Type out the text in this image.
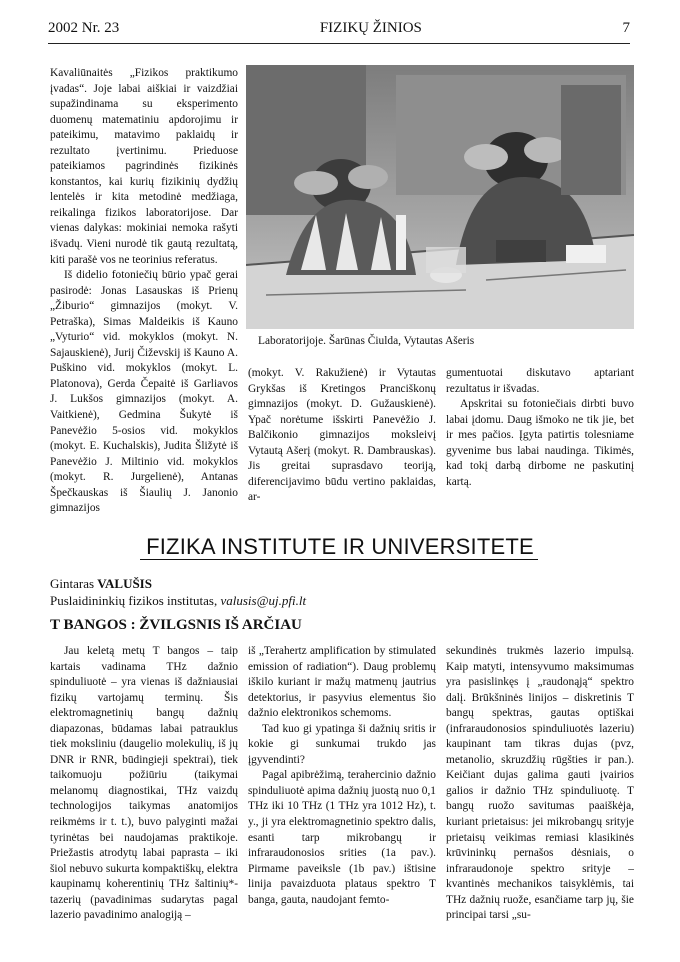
2002 Nr. 23	FIZIKŲ ŽINIOS	7

Kavaliūnaitės „Fizikos praktikumo įvadas“. Joje labai aiškiai ir vaizdžiai supažindinama su eksperimento duomenų matematiniu apdorojimu ir pateikimu, matavimo paklaidų ir rezultato įvertinimu. Prieduose pateikiamos pagrindinės fizikinės konstantos, kai kurių fizikinių dydžių lentelės ir kita metodinė medžiaga, reikalinga fizikos laboratorijose. Dar vienas dalykas: mokiniai nemoka rašyti išvadų. Vieni nurodė tik gautą rezultatą, kiti parašė vos ne teorinius referatus.

Iš didelio fotoniečių būrio ypač gerai pasirodė: Jonas Lasauskas iš Prienų „Žiburio“ gimnazijos (mokyt. V. Petraška), Simas Maldeikis iš Kauno „Vyturio“ vid. mokyklos (mokyt. N. Sajauskienė), Jurij Čiževskij iš Kauno A. Puškino vid. mokyklos (mokyt. L. Platonova), Gerda Čepaitė iš Garliavos J. Lukšos gimnazijos (mokyt. A. Vaitkienė), Gedmina Šukytė iš Panevėžio 5-osios vid. mokyklos (mokyt. E. Kuchalskis), Judita Šližytė iš Panevėžio J. Miltinio vid. mokyklos (mokyt. R. Jurgelienė), Antanas Špečkauskas iš Šiaulių J. Janonio gimnazijos

Laboratorijoje. Šarūnas Čiulda, Vytautas Ašeris

(mokyt. V. Rakužienė) ir Vytautas Grykšas iš Kretingos Pranciškonų gimnazijos (mokyt. D. Gužauskienė). Ypač norėtume išskirti Panevėžio J. Balčikonio gimnazijos moksleivį Vytautą Ašerį (mokyt. R. Dambrauskas). Jis greitai suprasdavo teoriją, diferencijavimo būdu vertino paklaidas, ar-

gumentuotai diskutavo aptariant rezultatus ir išvadas.

Apskritai su fotoniečiais dirbti buvo labai įdomu. Daug išmoko ne tik jie, bet ir mes pačios. Įgyta patirtis tolesniame gyvenime bus labai naudinga. Tikimės, kad tokį darbą dirbome ne paskutinį kartą.

FIZIKA INSTITUTE IR UNIVERSITETE
Gintaras VALUŠIS
Puslaidininkių fizikos institutas, valusis@uj.pfi.lt
T BANGOS : ŽVILGSNIS IŠ ARČIAU

Jau keletą metų T bangos – taip kartais vadinama THz dažnio spinduliuotė – yra vienas iš dažniausiai fizikų vartojamų terminų. Šis elektromagnetinių bangų dažnių diapazonas, būdamas labai patrauklus tiek moksliniu (daugelio molekulių, iš jų DNR ir RNR, būdingieji spektrai), tiek taikomuoju požiūriu (taikymai melanomų diagnostikai, THz vaizdų technologijos taikymas anatomijos reikmėms ir t. t.), buvo palyginti mažai tyrinėtas bei naudojamas praktikoje. Priežastis atrodytų labai paprasta – iki šiol nebuvo sukurta kompaktiškų, elektra kaupinamų koherentinių THz šaltinių*- tazerių (pavadinimas sudarytas pagal lazerio pavadinimo analogiją –

iš „Terahertz amplification by stimulated emission of radiation“). Daug problemų iškilo kuriant ir mažų matmenų jautrius detektorius, ir pasyvius elementus šio dažnio elektronikos schemoms.

Tad kuo gi ypatinga ši dažnių sritis ir kokie gi sunkumai trukdo jas įgyvendinti?

Pagal apibrėžimą, terahercinio dažnio spinduliuotė apima dažnių juostą nuo 0,1 THz iki 10 THz (1 THz yra 1012 Hz), t. y., ji yra elektromagnetinio spektro dalis, esanti tarp mikrobangų ir infraraudonosios srities (1a pav.). Pirmame paveiksle (1b pav.) ištisine linija pavaizduota plataus spektro T banga, gauta, naudojant femto-

sekundinės trukmės lazerio impulsą. Kaip matyti, intensyvumo maksimumas yra pasislinkęs į „raudonąją“ spektro dalį. Brūkšninės linijos – diskretinis T bangų spektras, gautas optiškai (infraraudonosios spinduliuotės lazeriu) kaupinant tam tikras dujas (pvz, metanolio, skruzdžių rūgšties ir pan.). Keičiant dujas galima gauti įvairios galios ir dažnio THz spinduliuotę. T bangų ruožo savitumas paaiškėja, kuriant prietaisus: jei mikrobangų srityje prietaisų veikimas remiasi klasikinės krūvininkų pernašos dėsniais, o infraraudonoje spektro srityje – kvantinės mechanikos taisyklėmis, tai THz dažnių ruože, esančiame tarp jų, šie principai tarsi „su-
